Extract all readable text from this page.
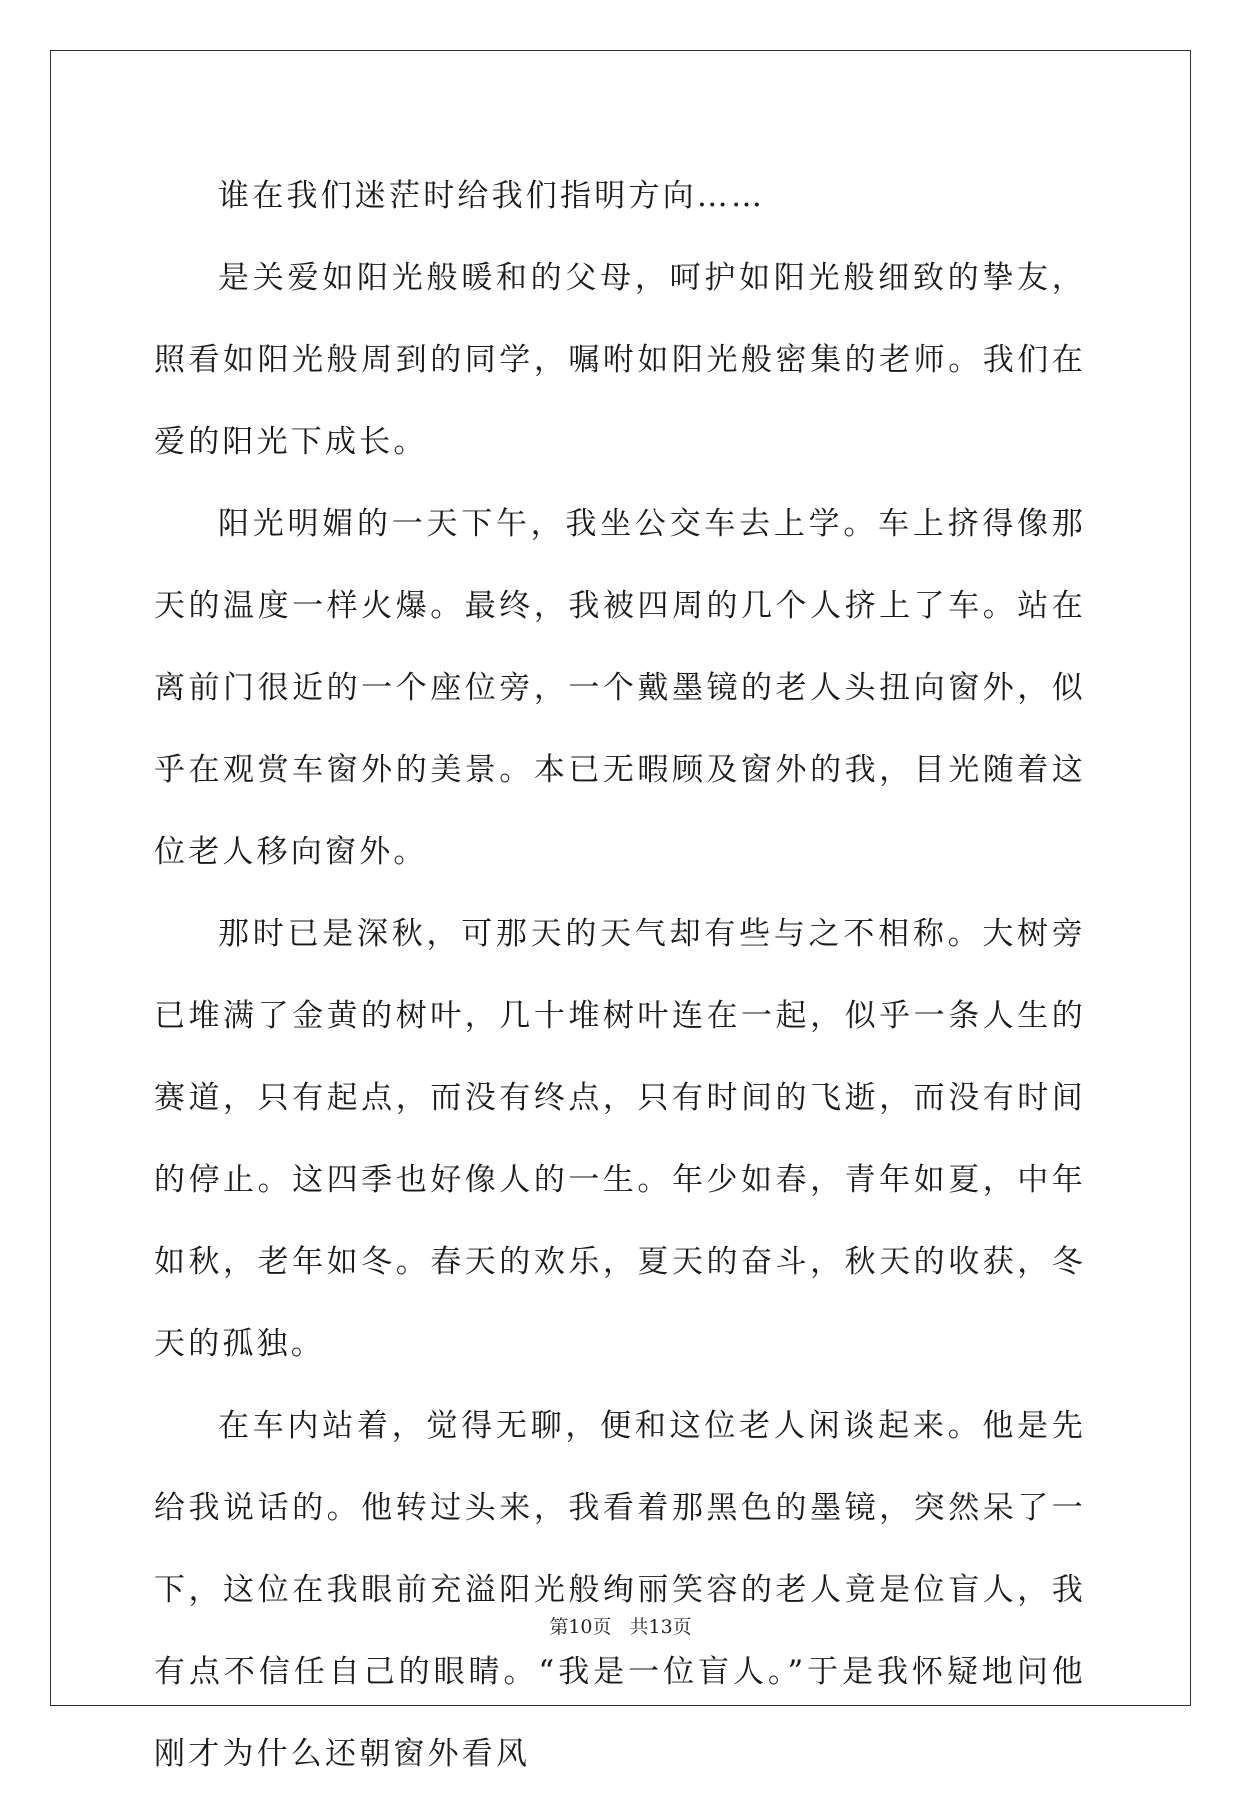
谁在我们迷茫时给我们指明方向……

是关爱如阳光般暖和的父母，呵护如阳光般细致的挚友，照看如阳光般周到的同学，嘱咐如阳光般密集的老师。我们在爱的阳光下成长。

阳光明媚的一天下午，我坐公交车去上学。车上挤得像那天的温度一样火爆。最终，我被四周的几个人挤上了车。站在离前门很近的一个座位旁，一个戴墨镜的老人头扭向窗外，似乎在观赏车窗外的美景。本已无暇顾及窗外的我，目光随着这位老人移向窗外。

那时已是深秋，可那天的天气却有些与之不相称。大树旁已堆满了金黄的树叶，几十堆树叶连在一起，似乎一条人生的赛道，只有起点，而没有终点，只有时间的飞逝，而没有时间的停止。这四季也好像人的一生。年少如春，青年如夏，中年如秋，老年如冬。春天的欢乐，夏天的奋斗，秋天的收获，冬天的孤独。

在车内站着，觉得无聊，便和这位老人闲谈起来。他是先给我说话的。他转过头来，我看着那黑色的墨镜，突然呆了一下，这位在我眼前充溢阳光般绚丽笑容的老人竟是位盲人，我有点不信任自己的眼睛。“我是一位盲人。”于是我怀疑地问他刚才为什么还朝窗外看风

第10页 共13页
